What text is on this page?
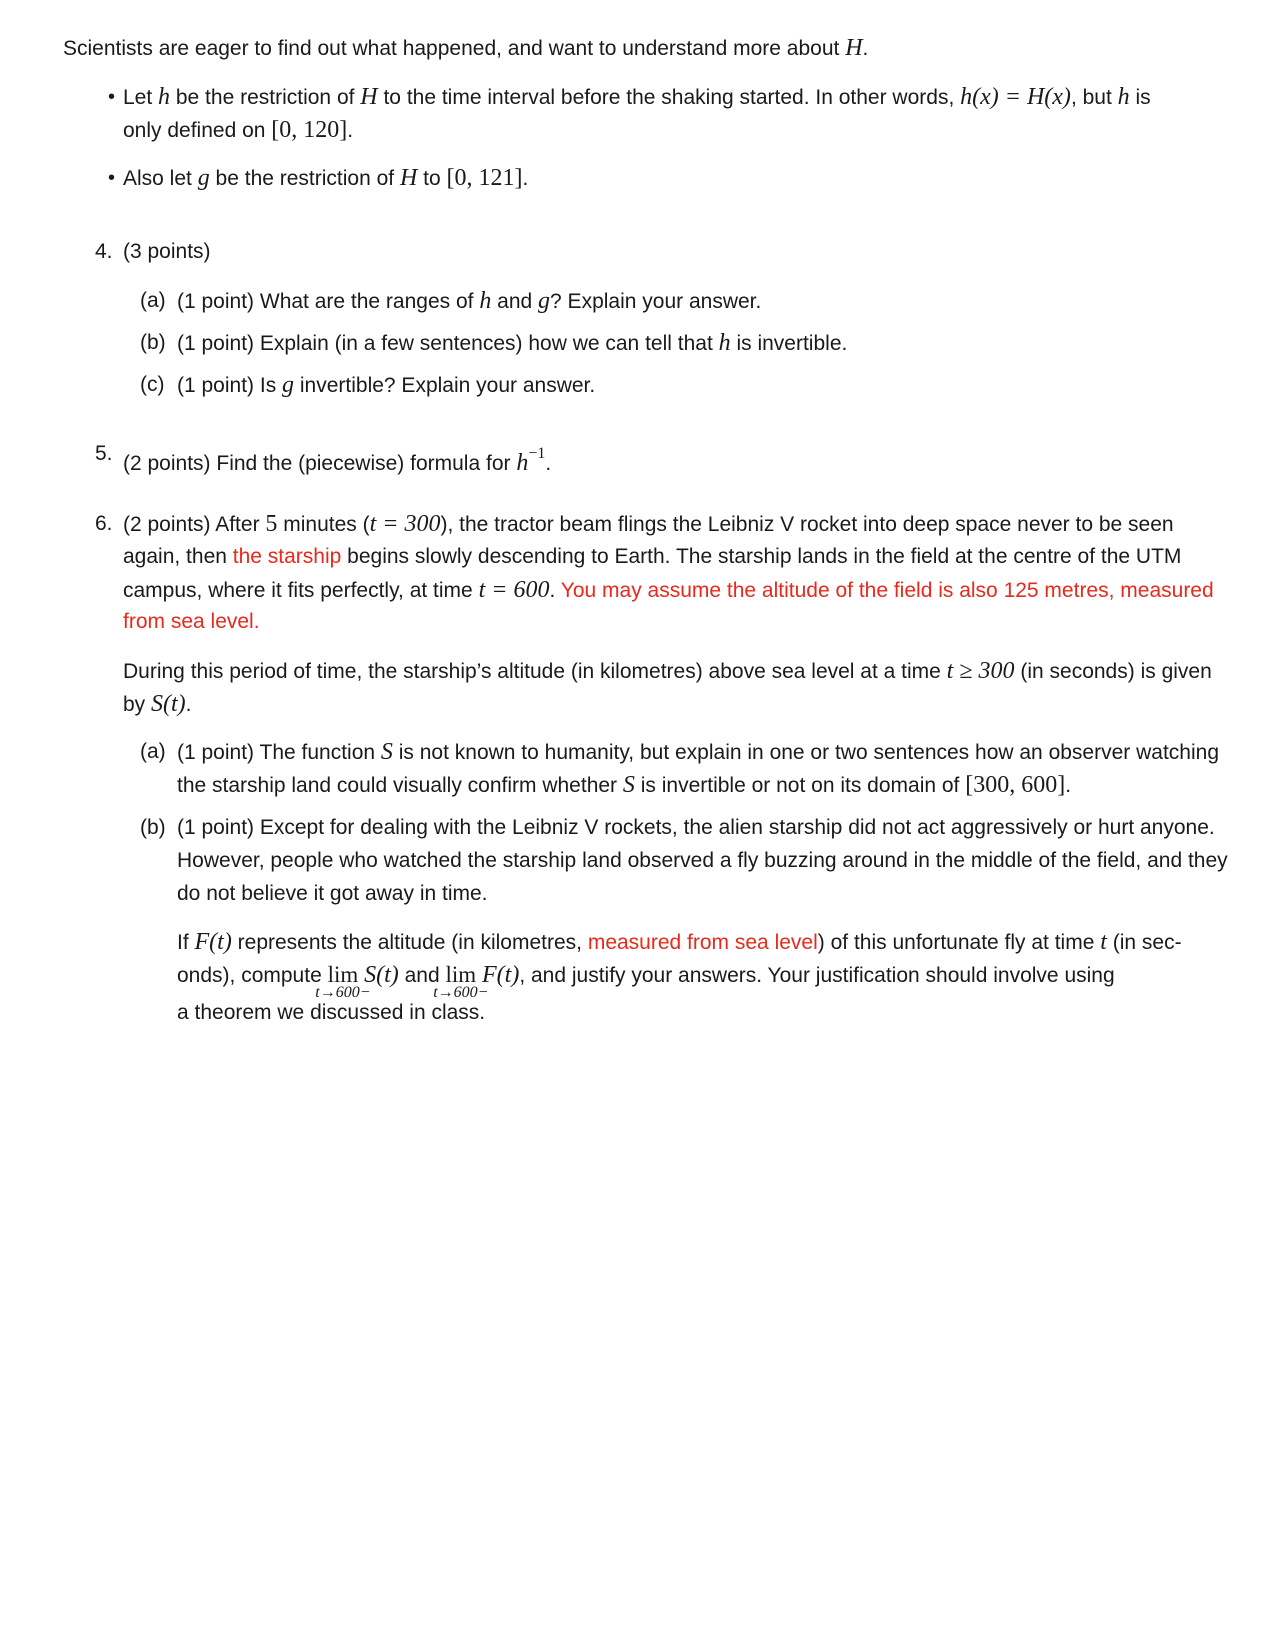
Scientists are eager to find out what happened, and want to understand more about H.

• Let h be the restriction of H to the time interval before the shaking started. In other words, h(x) = H(x), but h is

only defined on [0, 120].

• Also let g be the restriction of H to [0, 121].

4. (3 points)

(a) (1 point) What are the ranges of h and g? Explain your answer.

(b) (1 point) Explain (in a few sentences) how we can tell that h is invertible.

(c) (1 point) Is g invertible? Explain your answer.

5. (2 points) Find the (piecewise) formula for $h^{-1}$.

6. (2 points) After 5 minutes (t = 300), the tractor beam flings the Leibniz V rocket into deep space never to be seen

again, then the starship begins slowly descending to Earth. The starship lands in the field at the centre of the UTM

campus, where it fits perfectly, at time t = 600. You may assume the altitude of the field is also 125 metres, measured

from sea level.

During this period of time, the starship’s altitude (in kilometres) above sea level at a time t ≥ 300 (in seconds) is given

by S(t).

(a) (1 point) The function S is not known to humanity, but explain in one or two sentences how an observer watching

the starship land could visually confirm whether S is invertible or not on its domain of [300, 600].

(b) (1 point) Except for dealing with the Leibniz V rockets, the alien starship did not act aggressively or hurt anyone.

However, people who watched the starship land observed a fly buzzing around in the middle of the field, and they

do not believe it got away in time.

If F(t) represents the altitude (in kilometres, measured from sea level) of this unfortunate fly at time t (in sec-

onds), compute lim
t→600−
S(t) and lim
t→600−
F(t), and justify your answers. Your justification should involve using

a theorem we discussed in class.
